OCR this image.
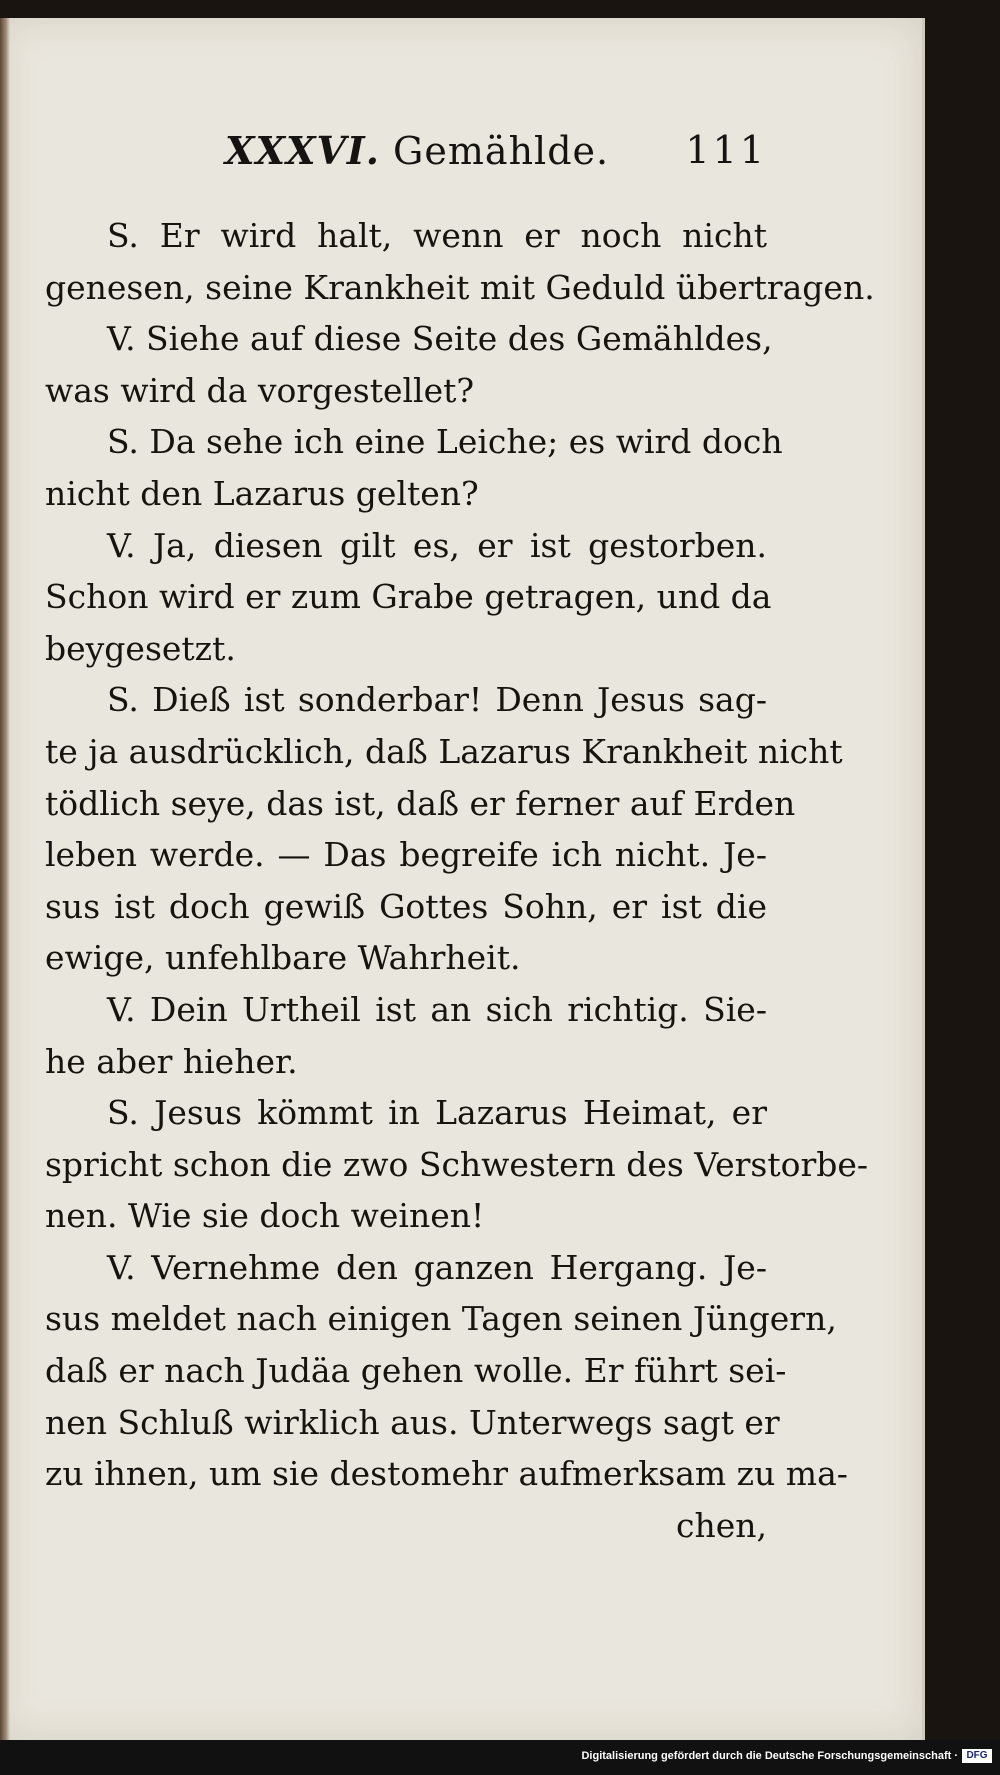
XXXVI. Gemählde. 111
S. Er wird halt, wenn er noch nicht
genesen, seine Krankheit mit Geduld übertragen.
V. Siehe auf diese Seite des Gemähldes,
was wird da vorgestellet?
S. Da sehe ich eine Leiche; es wird doch
nicht den Lazarus gelten?
V. Ja, diesen gilt es, er ist gestorben.
Schon wird er zum Grabe getragen, und da
beygesetzt.
S. Dieß ist sonderbar! Denn Jesus sag-
te ja ausdrücklich, daß Lazarus Krankheit nicht
tödlich seye, das ist, daß er ferner auf Erden
leben werde. — Das begreife ich nicht. Je-
sus ist doch gewiß Gottes Sohn, er ist die
ewige, unfehlbare Wahrheit.
V. Dein Urtheil ist an sich richtig. Sie-
he aber hieher.
S. Jesus kömmt in Lazarus Heimat, er
spricht schon die zwo Schwestern des Verstorbe-
nen. Wie sie doch weinen!
V. Vernehme den ganzen Hergang. Je-
sus meldet nach einigen Tagen seinen Jüngern,
daß er nach Judäa gehen wolle. Er führt sei-
nen Schluß wirklich aus. Unterwegs sagt er
zu ihnen, um sie destomehr aufmerksam zu ma-
chen,
Digitalisierung gefördert durch die Deutsche Forschungsgemeinschaft · DFG
